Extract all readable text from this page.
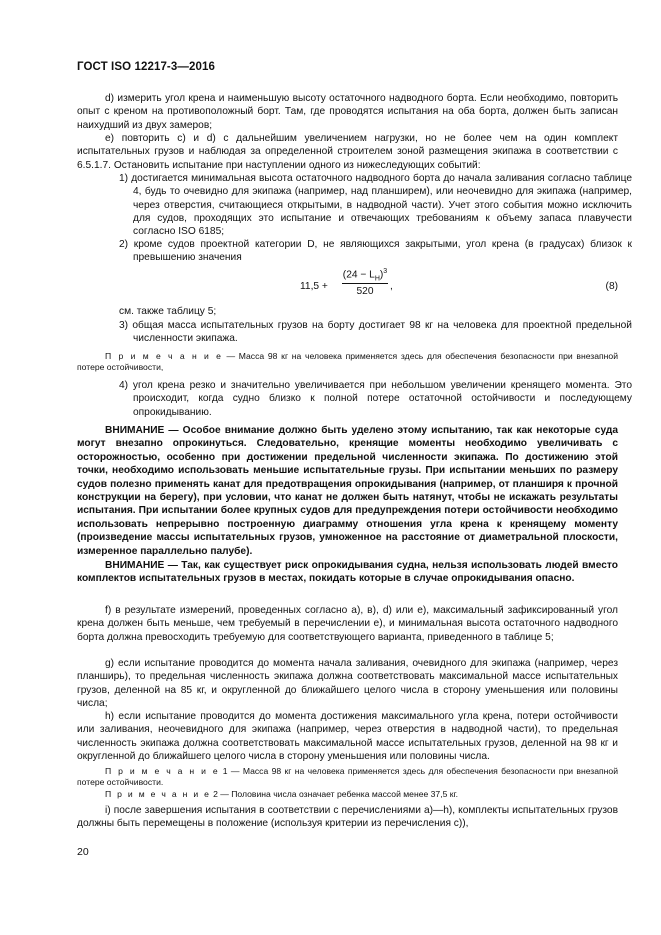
ГОСТ ISO 12217-3—2016
d) измерить угол крена и наименьшую высоту остаточного надводного борта. Если необходимо, повторить опыт с креном на противоположный борт. Там, где проводятся испытания на оба борта, должен быть записан наихудший из двух замеров;
e) повторить c) и d) с дальнейшим увеличением нагрузки, но не более чем на один комплект испытательных грузов и наблюдая за определенной строителем зоной размещения экипажа в соответствии с 6.5.1.7. Остановить испытание при наступлении одного из нижеследующих событий:
1) достигается минимальная высота остаточного надводного борта до начала заливания согласно таблице 4, будь то очевидно для экипажа (например, над планширем), или неочевидно для экипажа (например, через отверстия, считающиеся открытыми, в надводной части). Учет этого события можно исключить для судов, проходящих это испытание и отвечающих требованиям к объему запаса плавучести согласно ISO 6185;
2) кроме судов проектной категории D, не являющихся закрытыми, угол крена (в градусах) близок к превышению значения
$11,5 + \frac{(24 - L_H)^3}{520}$ ,	(8)
см. также таблицу 5;
3) общая масса испытательных грузов на борту достигает 98 кг на человека для проектной предельной численности экипажа.
П р и м е ч а н и е — Масса 98 кг на человека применяется здесь для обеспечения безопасности при внезапной потере остойчивости,
4) угол крена резко и значительно увеличивается при небольшом увеличении кренящего момента. Это происходит, когда судно близко к полной потере остаточной остойчивости и последующему опрокидыванию.
ВНИМАНИЕ — Особое внимание должно быть уделено этому испытанию, так как некоторые суда могут внезапно опрокинуться. Следовательно, кренящие моменты необходимо увеличивать с осторожностью, особенно при достижении предельной численности экипажа. По достижению этой точки, необходимо использовать меньшие испытательные грузы. При испытании меньших по размеру судов полезно применять канат для предотвращения опрокидывания (например, от планширя к прочной конструкции на берегу), при условии, что канат не должен быть натянут, чтобы не искажать результаты испытания. При испытании более крупных судов для предупреждения потери остойчивости необходимо использовать непрерывно построенную диаграмму отношения угла крена к кренящему моменту (произведение массы испытательных грузов, умноженное на расстояние от диаметральной плоскости, измеренное параллельно палубе).
ВНИМАНИЕ — Так, как существует риск опрокидывания судна, нельзя использовать людей вместо комплектов испытательных грузов в местах, покидать которые в случае опрокидывания опасно.
f) в результате измерений, проведенных согласно a), в), d) или e), максимальный зафиксированный угол крена должен быть меньше, чем требуемый в перечислении e), и минимальная высота остаточного надводного борта должна превосходить требуемую для соответствующего варианта, приведенного в таблице 5;
g) если испытание проводится до момента начала заливания, очевидного для экипажа (например, через планширь), то предельная численность экипажа должна соответствовать максимальной массе испытательных грузов, деленной на 85 кг, и округленной до ближайшего целого числа в сторону уменьшения или половины числа;
h) если испытание проводится до момента достижения максимального угла крена, потери остойчивости или заливания, неочевидного для экипажа (например, через отверстия в надводной части), то предельная численность экипажа должна соответствовать максимальной массе испытательных грузов, деленной на 98 кг и округленной до ближайшего целого числа в сторону уменьшения или половины числа.
П р и м е ч а н и е 1 — Масса 98 кг на человека применяется здесь для обеспечения безопасности при внезапной потере остойчивости.
П р и м е ч а н и е 2 — Половина числа означает ребенка массой менее 37,5 кг.
i) после завершения испытания в соответствии с перечислениями a)—h), комплекты испытательных грузов должны быть перемещены в положение (используя критерии из перечисления c)),
20
